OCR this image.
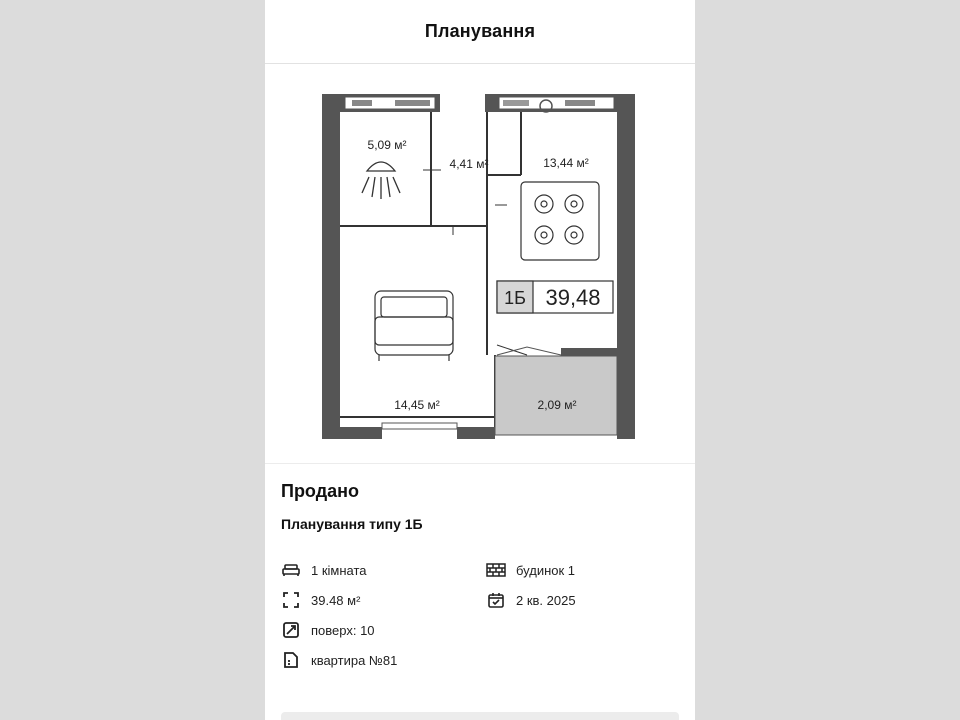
Планування
1Б 39,48
5,09 м²
4,41 м²	13,44 м²
14,45 м²	2,09 м²
Продано
Планування типу 1Б
1 кімната
39.48 м²
поверх: 10
квартира №81
будинок 1
2 кв. 2025
